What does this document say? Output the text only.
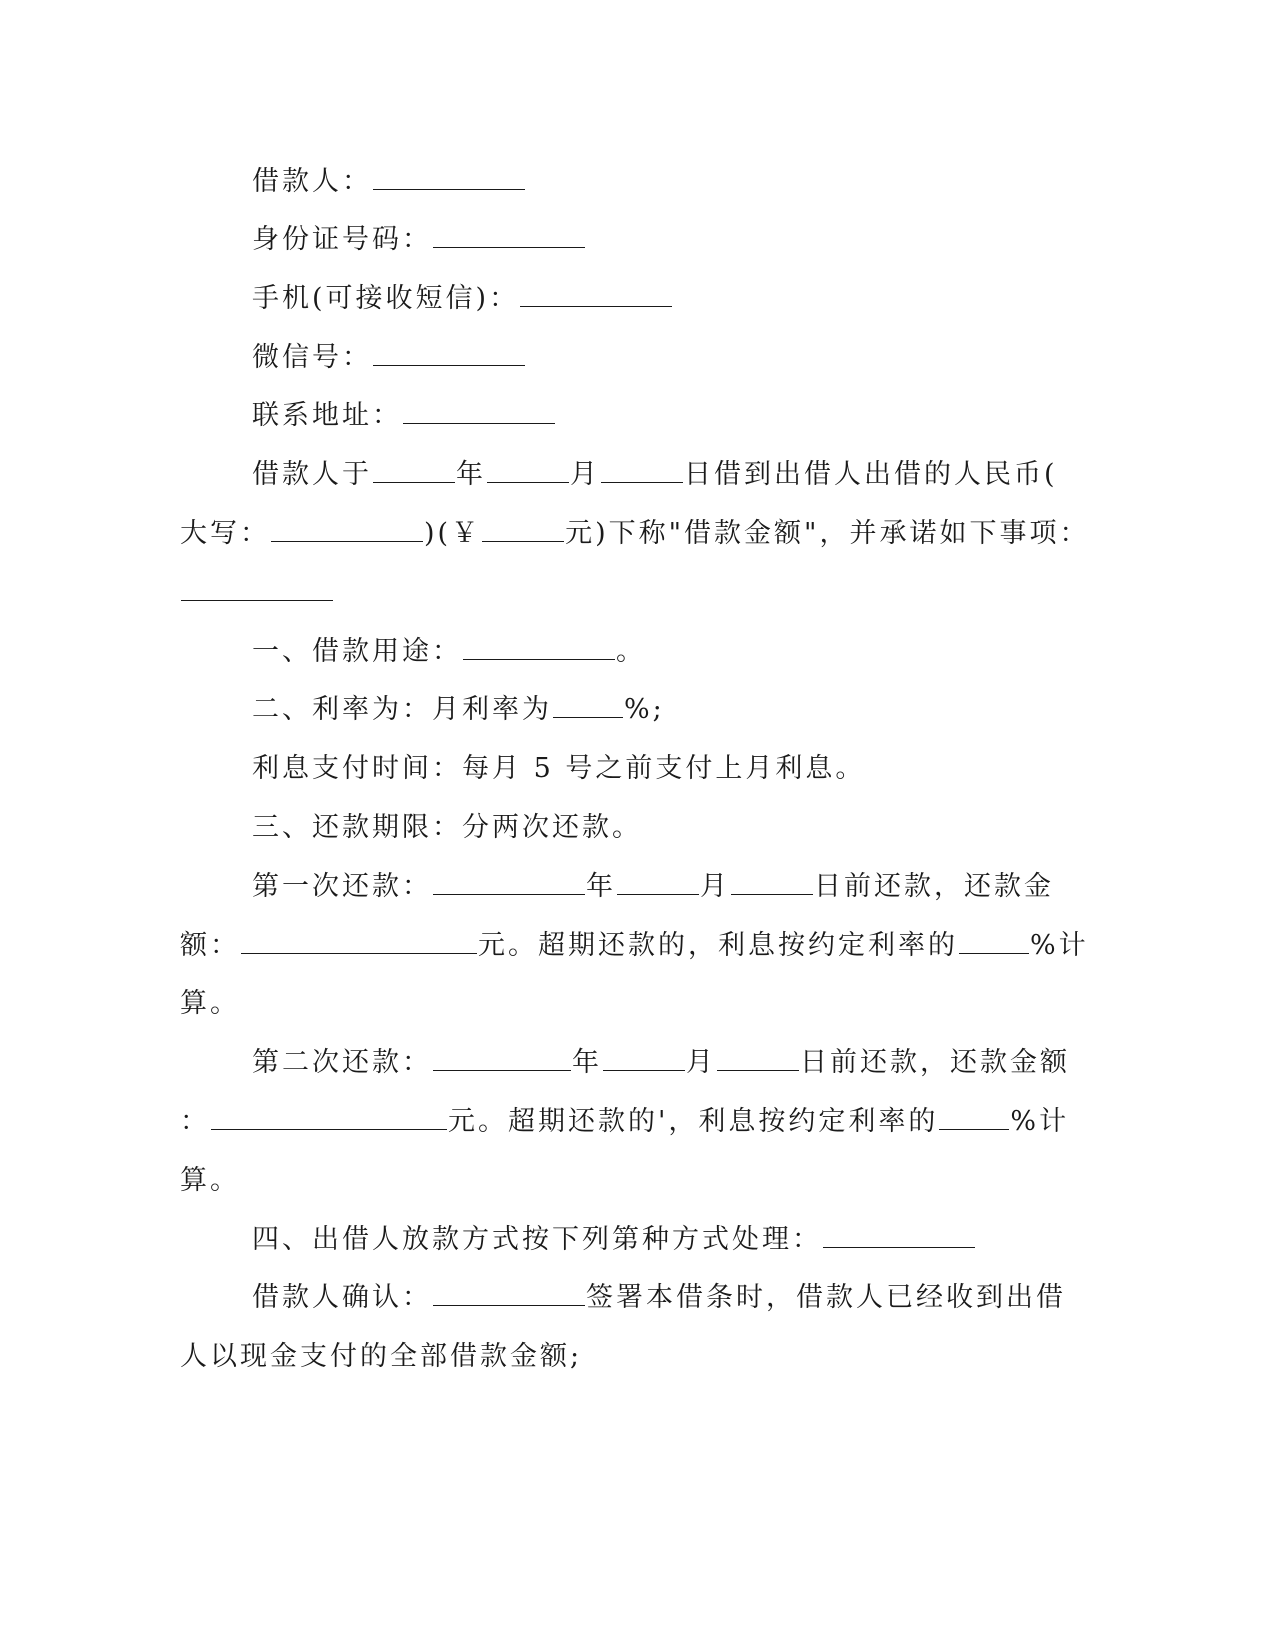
借款人：
身份证号码：
手机(可接收短信)：
微信号：
联系地址：
借款人于	年	月	日借到出借人出借的人民币(
大写：	)(￥	元)下称"借款金额"，并承诺如下事项：
一、借款用途：	。
二、利率为：月利率为	%;
利息支付时间：每月 5 号之前支付上月利息。
三、还款期限：分两次还款。
第一次还款：	年	月	日前还款，还款金
额：	元。超期还款的，利息按约定利率的	%计
算。
第二次还款：	年	月	日前还款，还款金额
：	元。超期还款的'，利息按约定利率的	%计
算。
四、出借人放款方式按下列第种方式处理：
借款人确认：	签署本借条时，借款人已经收到出借
人以现金支付的全部借款金额;
